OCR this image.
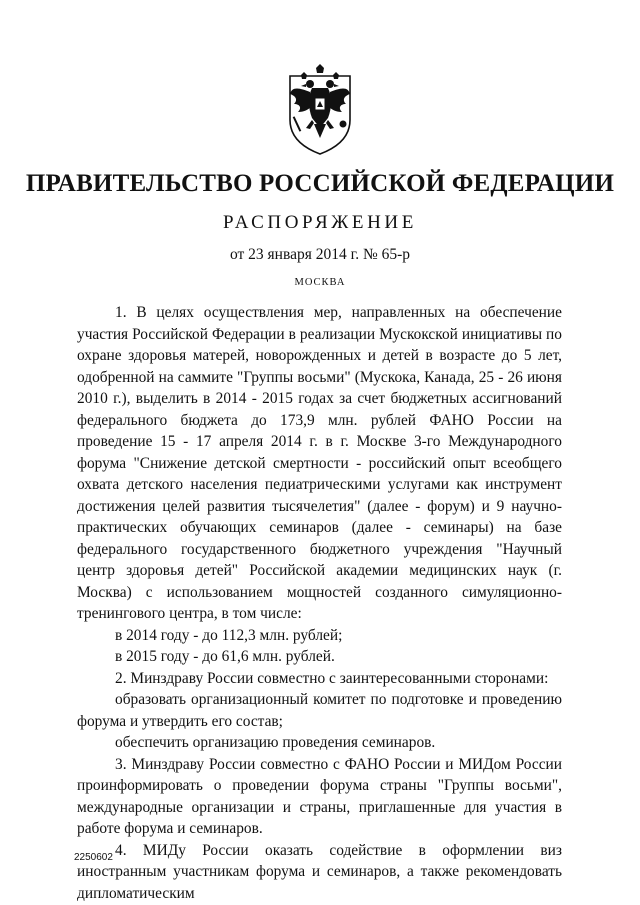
ПРАВИТЕЛЬСТВО РОССИЙСКОЙ ФЕДЕРАЦИИ
РАСПОРЯЖЕНИЕ
от 23 января 2014 г. № 65-р
МОСКВА

1. В целях осуществления мер, направленных на обеспечение участия Российской Федерации в реализации Мускокской инициативы по охране здоровья матерей, новорожденных и детей в возрасте до 5 лет, одобренной на саммите "Группы восьми" (Мускока, Канада, 25 - 26 июня 2010 г.), выделить в 2014 - 2015 годах за счет бюджетных ассигнований федерального бюджета до 173,9 млн. рублей ФАНО России на проведение 15 - 17 апреля 2014 г. в г. Москве 3-го Международного форума "Снижение детской смертности - российский опыт всеобщего охвата детского населения педиатрическими услугами как инструмент достижения целей развития тысячелетия" (далее - форум) и 9 научно-практических обучающих семинаров (далее - семинары) на базе федерального государственного бюджетного учреждения "Научный центр здоровья детей" Российской академии медицинских наук (г. Москва) с использованием мощностей созданного симуляционно-тренингового центра, в том числе:

в 2014 году - до 112,3 млн. рублей;

в 2015 году - до 61,6 млн. рублей.

2. Минздраву России совместно с заинтересованными сторонами:

образовать организационный комитет по подготовке и проведению форума и утвердить его состав;

обеспечить организацию проведения семинаров.

3. Минздраву России совместно с ФАНО России и МИДом России проинформировать о проведении форума страны "Группы восьми", международные организации и страны, приглашенные для участия в работе форума и семинаров.

4. МИДу России оказать содействие в оформлении виз иностранным участникам форума и семинаров, а также рекомендовать дипломатическим

2250602
